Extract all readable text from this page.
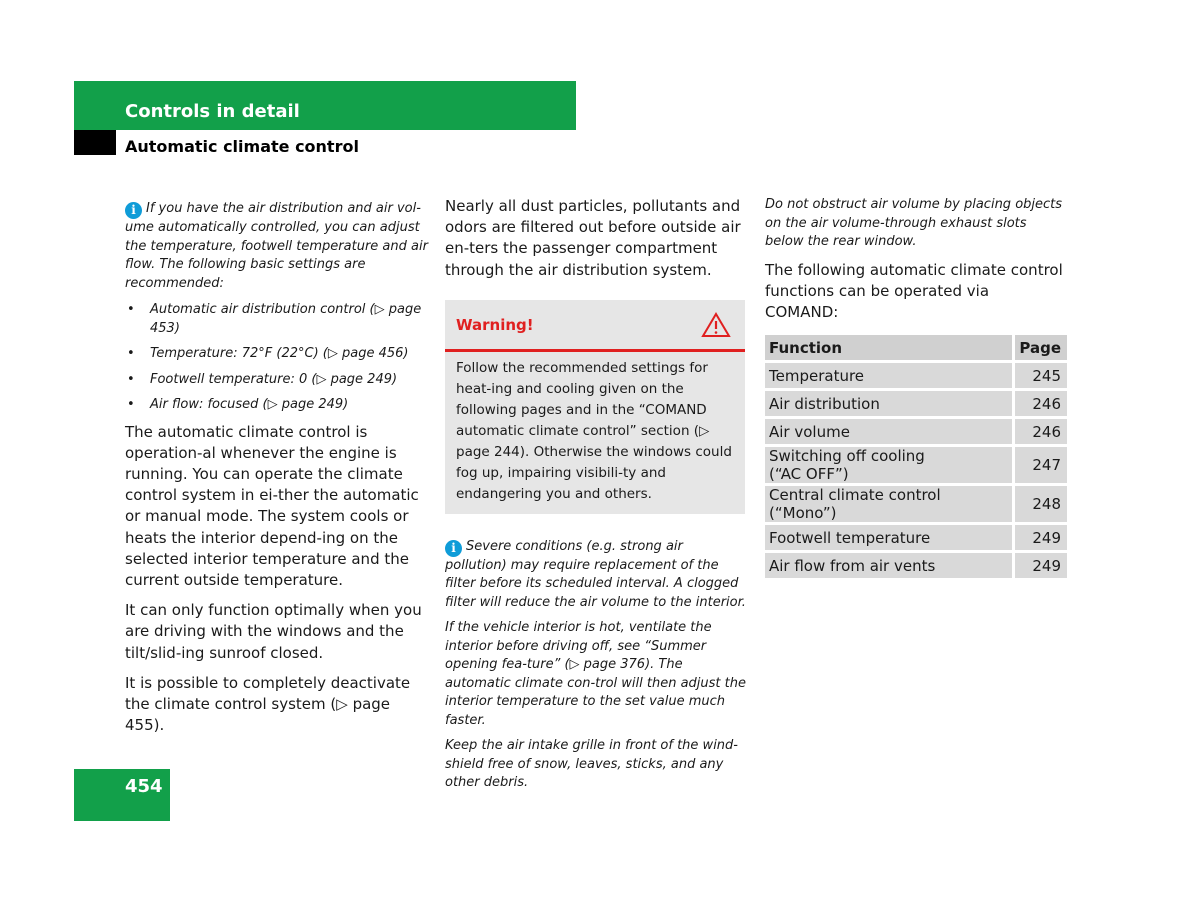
Controls in detail
Automatic climate control

i If you have the air distribution and air vol-ume automatically controlled, you can adjust the temperature, footwell temperature and air flow. The following basic settings are recommended:

• Automatic air distribution control (▷ page 453)
• Temperature: 72°F (22°C) (▷ page 456)
• Footwell temperature: 0 (▷ page 249)
• Air flow: focused (▷ page 249)

The automatic climate control is operation-al whenever the engine is running. You can operate the climate control system in ei-ther the automatic or manual mode. The system cools or heats the interior depend-ing on the selected interior temperature and the current outside temperature.

It can only function optimally when you are driving with the windows and the tilt/slid-ing sunroof closed.

It is possible to completely deactivate the climate control system (▷ page 455).

Nearly all dust particles, pollutants and odors are filtered out before outside air en-ters the passenger compartment through the air distribution system.

Warning!
Follow the recommended settings for heat-ing and cooling given on the following pages and in the “COMAND automatic climate control” section (▷ page 244). Otherwise the windows could fog up, impairing visibili-ty and endangering you and others.

i Severe conditions (e.g. strong air pollution) may require replacement of the filter before its scheduled interval. A clogged filter will reduce the air volume to the interior.

If the vehicle interior is hot, ventilate the interior before driving off, see “Summer opening fea-ture” (▷ page 376). The automatic climate con-trol will then adjust the interior temperature to the set value much faster.

Keep the air intake grille in front of the wind-shield free of snow, leaves, sticks, and any other debris.

Do not obstruct air volume by placing objects on the air volume-through exhaust slots below the rear window.

The following automatic climate control functions can be operated via COMAND:

Function	Page
Temperature	245
Air distribution	246
Air volume	246
Switching off cooling (“AC OFF”)	247
Central climate control (“Mono”)	248
Footwell temperature	249
Air flow from air vents	249
454
